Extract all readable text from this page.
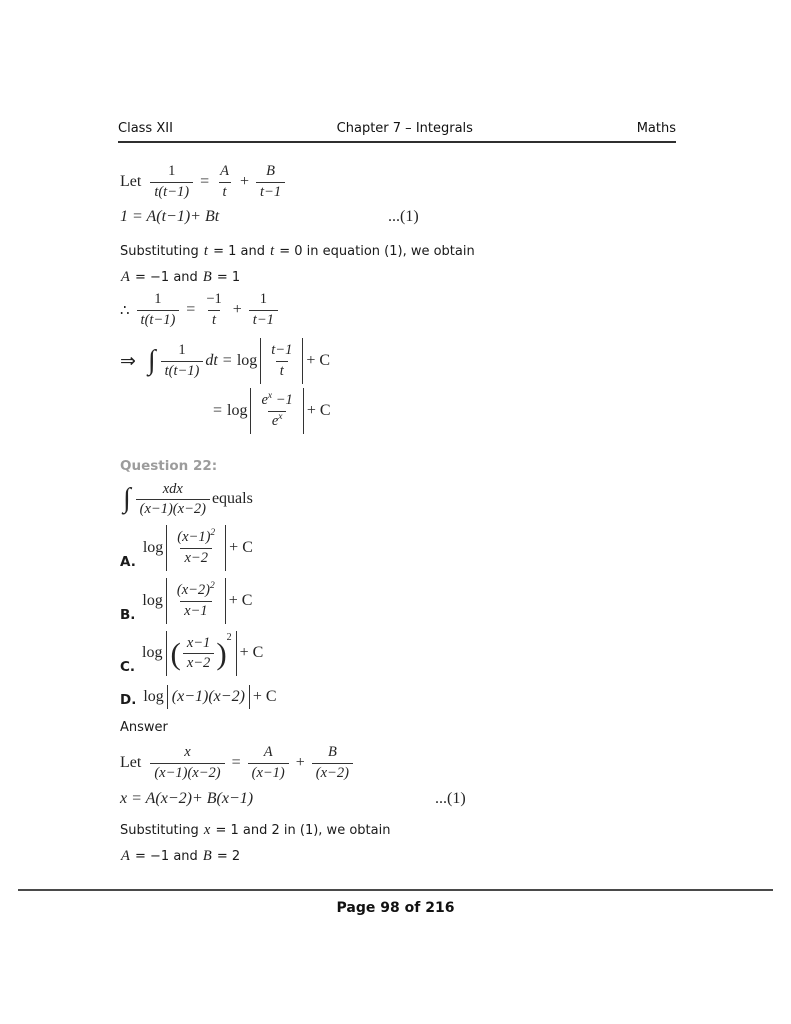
Class XII	Chapter 7 – Integrals	Maths
Let $\frac{1}{t(t-1)} = \frac{A}{t} + \frac{B}{t-1}$
1 = A(t−1)+ Bt	...(1)
Substituting t = 1 and t = 0 in equation (1), we obtain
A = −1 and B = 1
∴ $\frac{1}{t(t-1)} = \frac{-1}{t} + \frac{1}{t-1}$
⇒ ∫ $\frac{1}{t(t-1)}$ dt = $\log \frac{t-1}{t} + C$
= $\log \frac{e^x -1}{e^x} + C$
Question 22:
∫ $\frac{\text{xdx}}{(x-1)(x-2)}$ equals
A.
$\log \frac{(x-1)^2}{x-2} + C$
B.
$\log \frac{(x-2)^2}{x-1} + C$
C.
log ( $\frac{x-1}{x-2}$ ) 2
+ C
D. log (x−1)(x−2) + C
Answer
Let $\frac{x}{(x-1)(x-2)} = \frac{A}{(x-1)} + \frac{B}{(x-2)}$
x = A(x−2)+ B(x−1)	...(1)
Substituting x = 1 and 2 in (1), we obtain
A = −1 and B = 2
Page 98 of 216
